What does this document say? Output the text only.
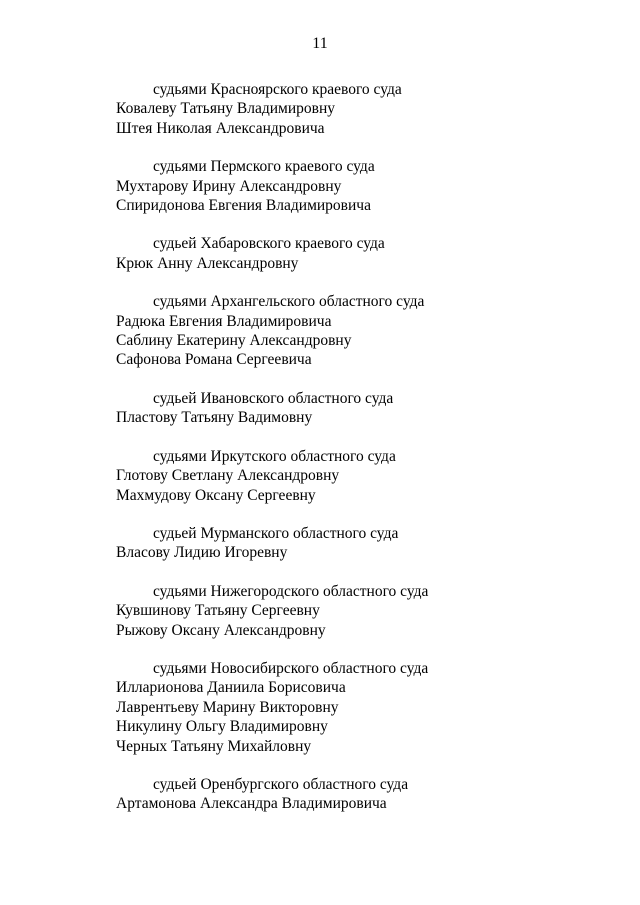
11
судьями Красноярского краевого суда
Ковалеву Татьяну Владимировну
Штея Николая Александровича
судьями Пермского краевого суда
Мухтарову Ирину Александровну
Спиридонова Евгения Владимировича
судьей Хабаровского краевого суда
Крюк Анну Александровну
судьями Архангельского областного суда
Радюка Евгения Владимировича
Саблину Екатерину Александровну
Сафонова Романа Сергеевича
судьей Ивановского областного суда
Пластову Татьяну Вадимовну
судьями Иркутского областного суда
Глотову Светлану Александровну
Махмудову Оксану Сергеевну
судьей Мурманского областного суда
Власову Лидию Игоревну
судьями Нижегородского областного суда
Кувшинову Татьяну Сергеевну
Рыжову Оксану Александровну
судьями Новосибирского областного суда
Илларионова Даниила Борисовича
Лаврентьеву Марину Викторовну
Никулину Ольгу Владимировну
Черных Татьяну Михайловну
судьей Оренбургского областного суда
Артамонова Александра Владимировича
